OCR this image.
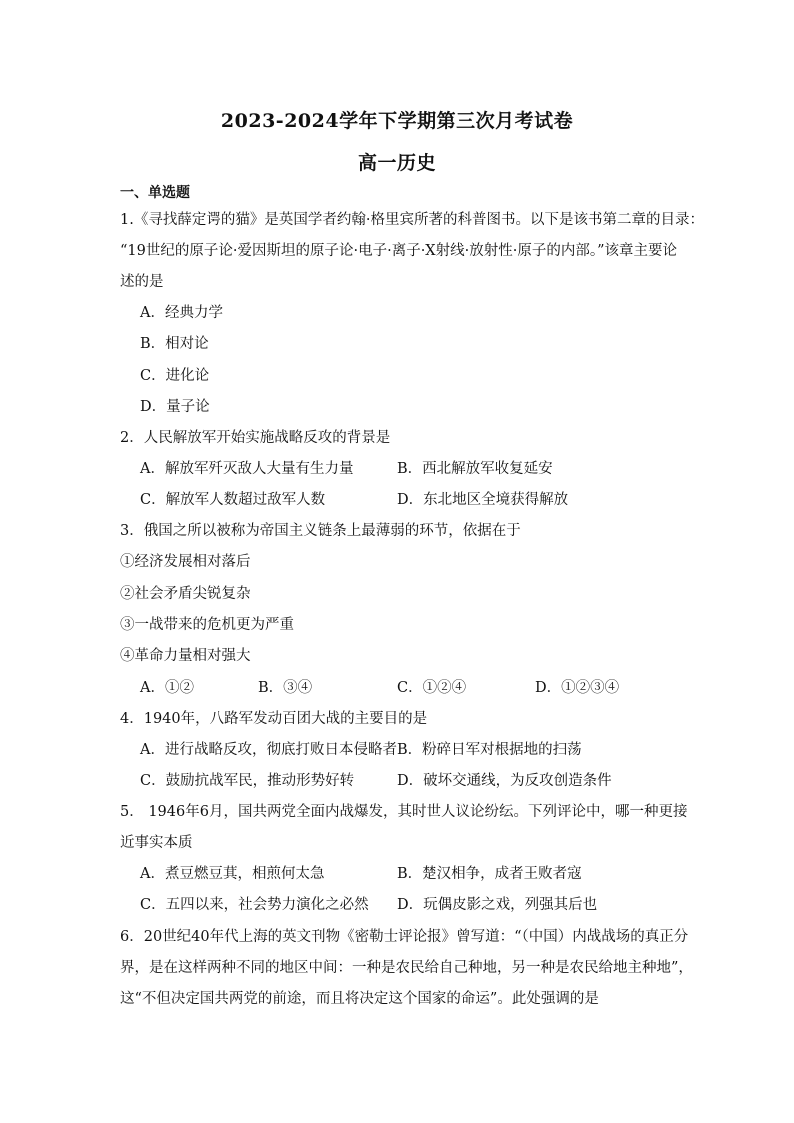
2023-2024学年下学期第三次月考试卷
高一历史
一、单选题
1.《寻找薛定谔的猫》是英国学者约翰·格里宾所著的科普图书。以下是该书第二章的目录：
“19世纪的原子论·爱因斯坦的原子论·电子·离子·X射线·放射性·原子的内部。”该章主要论
述的是
A．经典力学
B．相对论
C．进化论
D．量子论
2．人民解放军开始实施战略反攻的背景是
A．解放军歼灭敌人大量有生力量	B．西北解放军收复延安
C．解放军人数超过敌军人数	D．东北地区全境获得解放
3．俄国之所以被称为帝国主义链条上最薄弱的环节，依据在于
①经济发展相对落后
②社会矛盾尖锐复杂
③一战带来的危机更为严重
④革命力量相对强大
A．①②	B．③④	C．①②④	D．①②③④
4．1940年，八路军发动百团大战的主要目的是
A．进行战略反攻，彻底打败日本侵略者 B．粉碎日军对根据地的扫荡
C．鼓励抗战军民，推动形势好转	D．破坏交通线，为反攻创造条件
5． 1946年6月，国共两党全面内战爆发，其时世人议论纷纭。下列评论中，哪一种更接
近事实本质
A．煮豆燃豆萁，相煎何太急	B．楚汉相争，成者王败者寇
C．五四以来，社会势力演化之必然 D．玩偶皮影之戏，列强其后也
6．20世纪40年代上海的英文刊物《密勒士评论报》曾写道：“（中国）内战战场的真正分
界，是在这样两种不同的地区中间：一种是农民给自己种地，另一种是农民给地主种地”，
这“不但决定国共两党的前途，而且将决定这个国家的命运”。此处强调的是
